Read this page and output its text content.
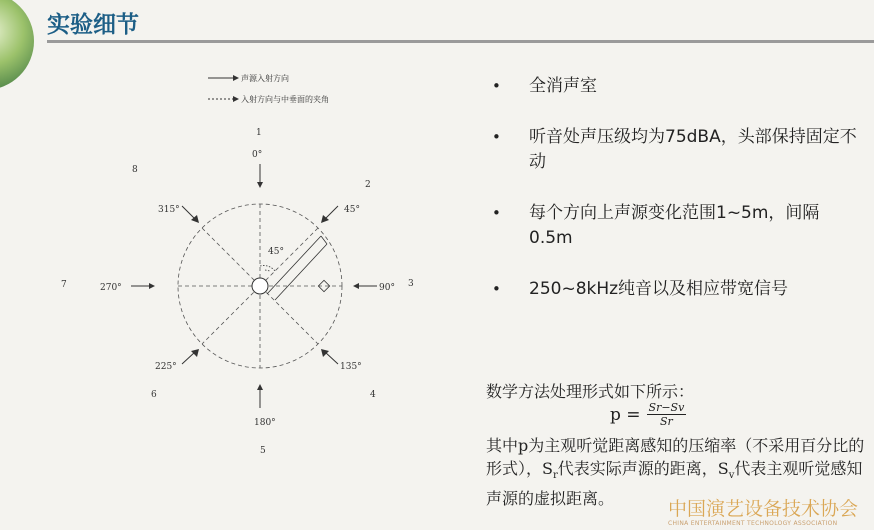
实验细节
声源入射方向
入射方向与中垂面的夹角
45°
1
2
3
4
5
6
7
8
0°
45°
90°
135°
180°
225°
270°
315°
• 全消声室
• 听音处声压级均为75dBA，头部保持固定不动
• 每个方向上声源变化范围1~5m，间隔0.5m
• 250~8kHz纯音以及相应带宽信号

数学方法处理形式如下所示：

$p = \frac{Sr-Sv}{Sr}$

其中p为主观听觉距离感知的压缩率（不采用百分比的形式），$S_r$代表实际声源的距离，$S_v$代表主观听觉感知声源的虚拟距离。	中国演艺设备技术协会
CHINA ENTERTAINMENT TECHNOLOGY ASSOCIATION
